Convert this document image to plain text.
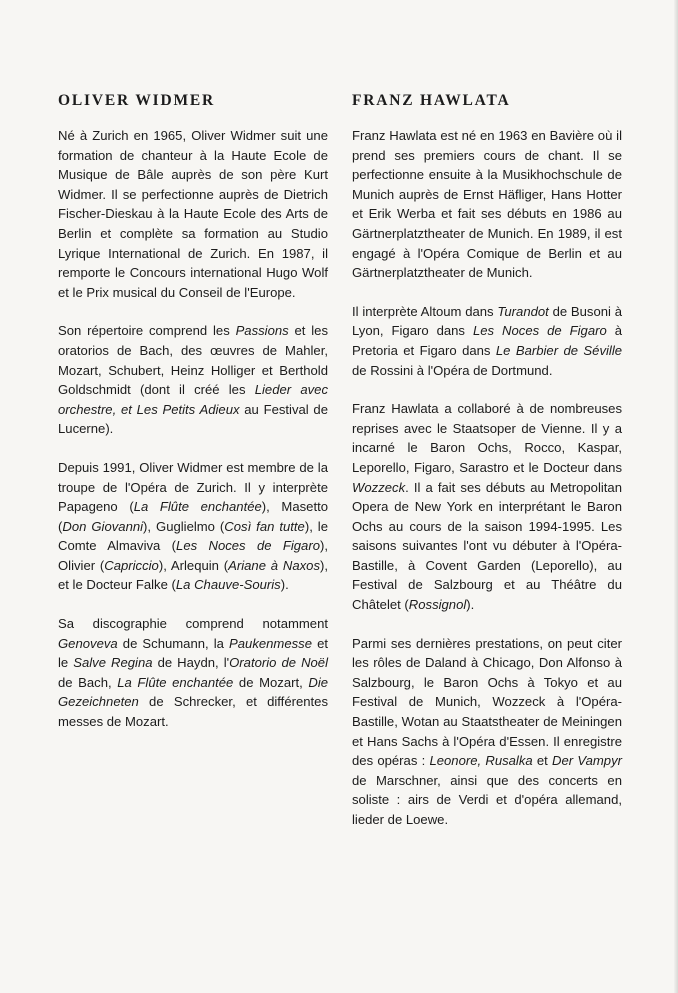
OLIVER WIDMER

Né à Zurich en 1965, Oliver Widmer suit une formation de chanteur à la Haute Ecole de Musique de Bâle auprès de son père Kurt Widmer. Il se perfectionne auprès de Dietrich Fischer-Dieskau à la Haute Ecole des Arts de Berlin et complète sa formation au Studio Lyrique International de Zurich. En 1987, il remporte le Concours international Hugo Wolf et le Prix musical du Conseil de l'Europe.

Son répertoire comprend les Passions et les oratorios de Bach, des œuvres de Mahler, Mozart, Schubert, Heinz Holliger et Berthold Goldschmidt (dont il créé les Lieder avec orchestre, et Les Petits Adieux au Festival de Lucerne).

Depuis 1991, Oliver Widmer est membre de la troupe de l'Opéra de Zurich. Il y interprète Papageno (La Flûte enchantée), Masetto (Don Giovanni), Guglielmo (Così fan tutte), le Comte Almaviva (Les Noces de Figaro), Olivier (Capriccio), Arlequin (Ariane à Naxos), et le Docteur Falke (La Chauve-Souris).

Sa discographie comprend notamment Genoveva de Schumann, la Paukenmesse et le Salve Regina de Haydn, l'Oratorio de Noël de Bach, La Flûte enchantée de Mozart, Die Gezeichneten de Schrecker, et différentes messes de Mozart.

FRANZ HAWLATA

Franz Hawlata est né en 1963 en Bavière où il prend ses premiers cours de chant. Il se perfectionne ensuite à la Musikhochschule de Munich auprès de Ernst Häfliger, Hans Hotter et Erik Werba et fait ses débuts en 1986 au Gärtnerplatztheater de Munich. En 1989, il est engagé à l'Opéra Comique de Berlin et au Gärtnerplatztheater de Munich.

Il interprète Altoum dans Turandot de Busoni à Lyon, Figaro dans Les Noces de Figaro à Pretoria et Figaro dans Le Barbier de Séville de Rossini à l'Opéra de Dortmund.

Franz Hawlata a collaboré à de nombreuses reprises avec le Staatsoper de Vienne. Il y a incarné le Baron Ochs, Rocco, Kaspar, Leporello, Figaro, Sarastro et le Docteur dans Wozzeck. Il a fait ses débuts au Metropolitan Opera de New York en interprétant le Baron Ochs au cours de la saison 1994-1995. Les saisons suivantes l'ont vu débuter à l'Opéra-Bastille, à Covent Garden (Leporello), au Festival de Salzbourg et au Théâtre du Châtelet (Rossignol).

Parmi ses dernières prestations, on peut citer les rôles de Daland à Chicago, Don Alfonso à Salzbourg, le Baron Ochs à Tokyo et au Festival de Munich, Wozzeck à l'Opéra-Bastille, Wotan au Staatstheater de Meiningen et Hans Sachs à l'Opéra d'Essen. Il enregistre des opéras : Leonore, Rusalka et Der Vampyr de Marschner, ainsi que des concerts en soliste : airs de Verdi et d'opéra allemand, lieder de Loewe.
